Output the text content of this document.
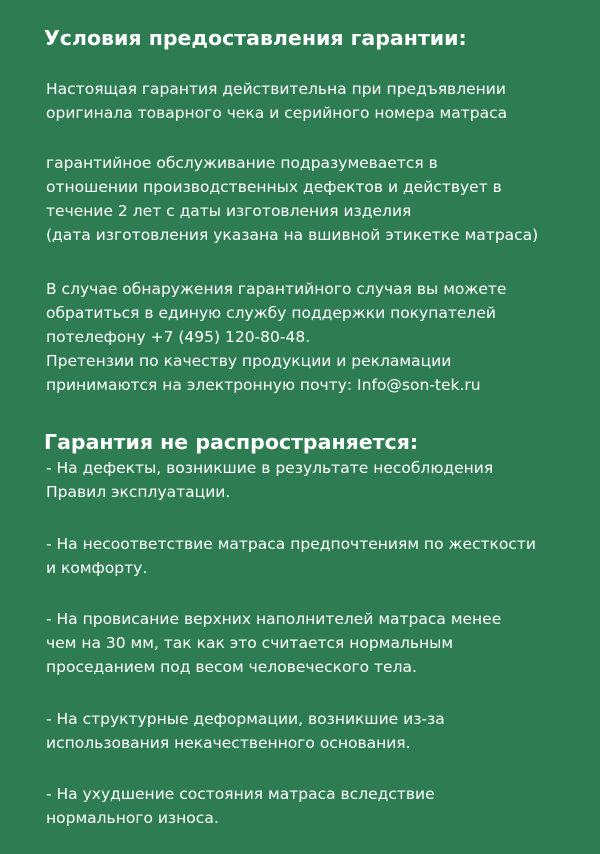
Условия предоставления гарантии:
Настоящая гарантия действительна при предъявлении
оригинала товарного чека и серийного номера матраса
гарантийное обслуживание подразумевается в
отношении производственных дефектов и действует в
течение 2 лет с даты изготовления изделия
(дата изготовления указана на вшивной этикетке матраса)
В случае обнаружения гарантийного случая вы можете
обратиться в единую службу поддержки покупателей
потелефону +7 (495) 120-80-48.
Претензии по качеству продукции и рекламации
принимаются на электронную почту: Info@son-tek.ru
Гарантия не распространяется:
- На дефекты, возникшие в результате несоблюдения
Правил эксплуатации.
- На несоответствие матраса предпочтениям по жесткости
и комфорту.
- На провисание верхних наполнителей матраса менее
чем на 30 мм, так как это считается нормальным
проседанием под весом человеческого тела.
- На структурные деформации, возникшие из-за
использования некачественного основания.
- На ухудшение состояния матраса вследствие
нормального износа.
